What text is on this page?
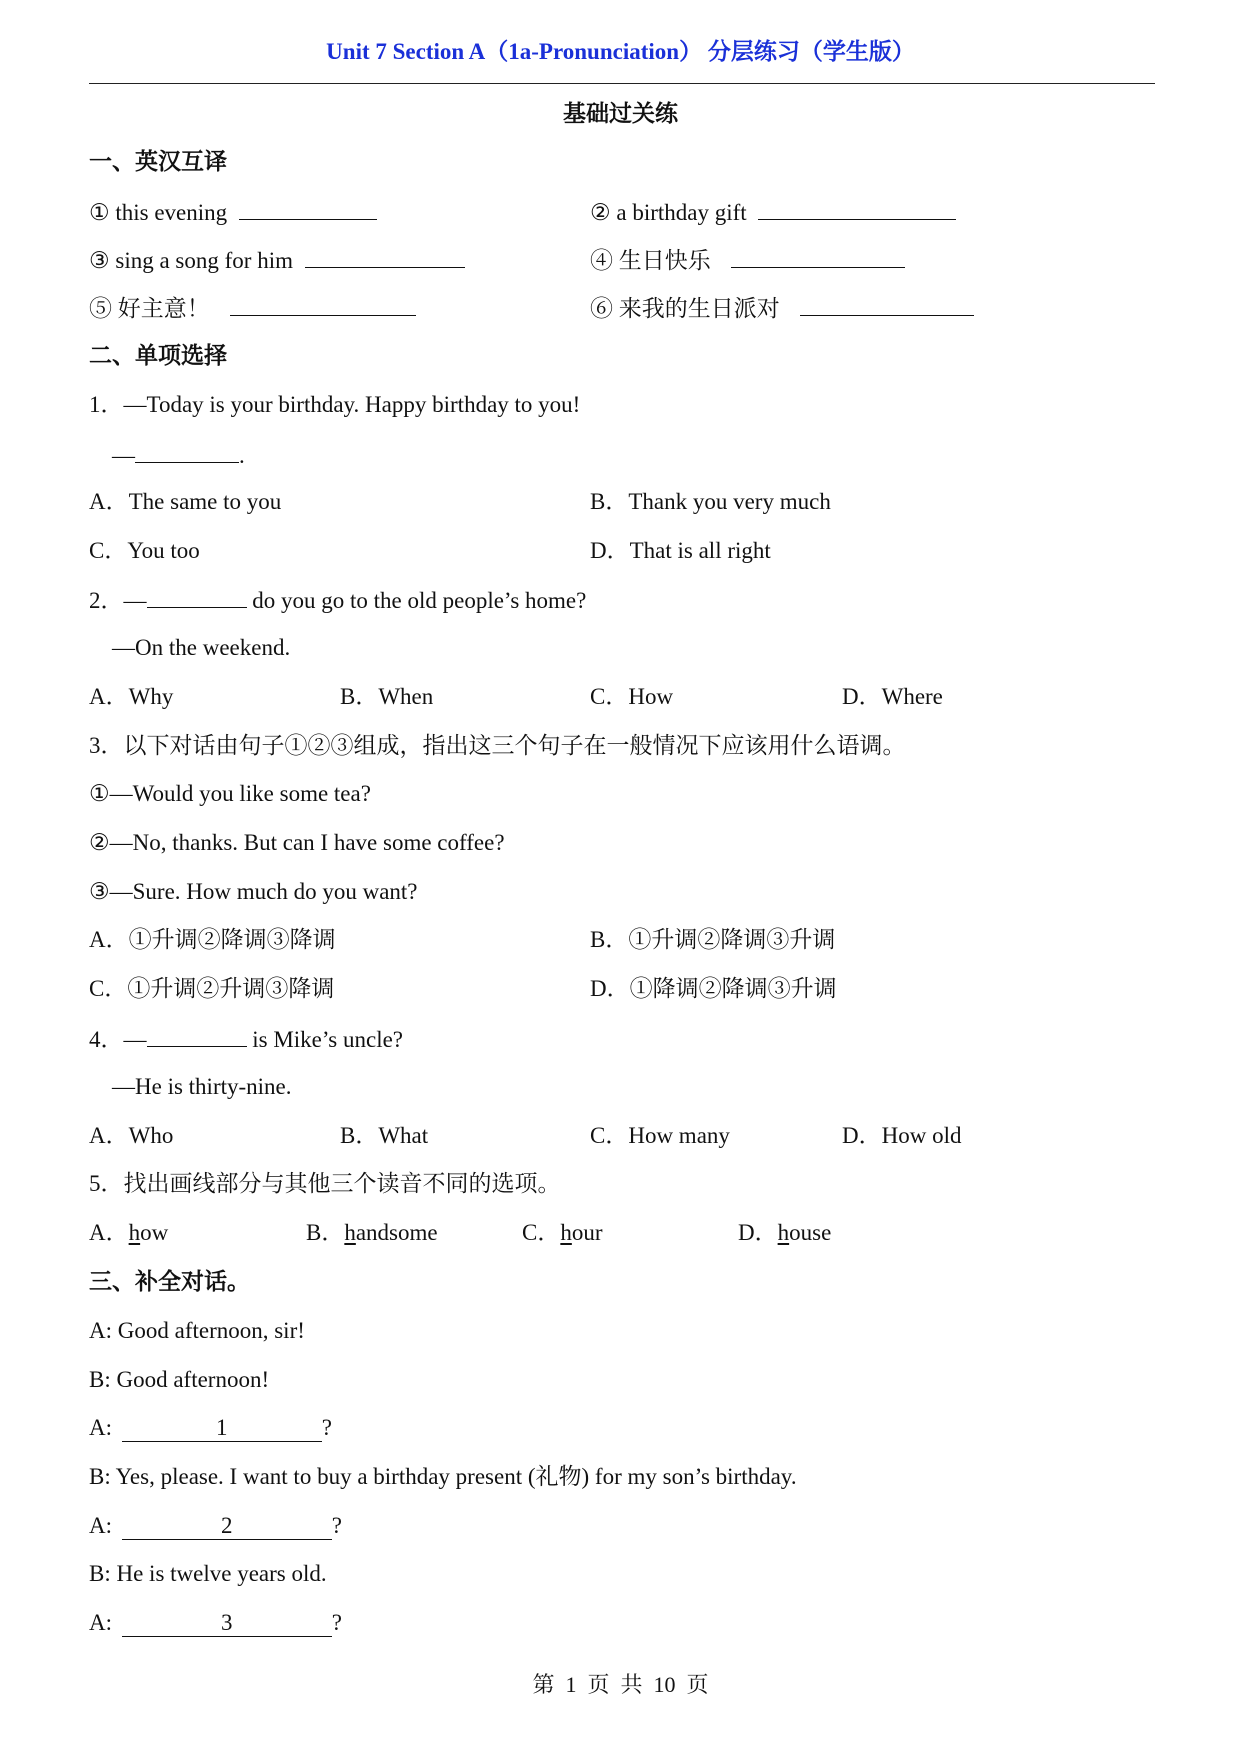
Unit 7 Section A（1a-Pronunciation） 分层练习（学生版）
基础过关练
一、英汉互译
① this evening	② a birthday gift
③ sing a song for him	④ 生日快乐
⑤ 好主意！	⑥ 来我的生日派对
二、单项选择
1．—Today is your birthday. Happy birthday to you!
—	.
A．The same to you	B．Thank you very much
C．You too	D．That is all right
2．—	do you go to the old people’s home?
—On the weekend.
A．Why	B．When	C．How	D．Where
3．以下对话由句子①②③组成，指出这三个句子在一般情况下应该用什么语调。
①—Would you like some tea?
②—No, thanks. But can I have some coffee?
③—Sure. How much do you want?
A．①升调②降调③降调	B．①升调②降调③升调
C．①升调②升调③降调	D．①降调②降调③升调
4．—	is Mike’s uncle?
—He is thirty-nine.
A．Who	B．What	C．How many	D．How old
5．找出画线部分与其他三个读音不同的选项。
A．how	B．handsome	C．hour	D．house
三、补全对话。
A: Good afternoon, sir!
B: Good afternoon!
A:	1	?
B: Yes, please. I want to buy a birthday present (礼物) for my son’s birthday.
A:	2	?
B: He is twelve years old.
A:	3	?
第  1  页  共  10  页
